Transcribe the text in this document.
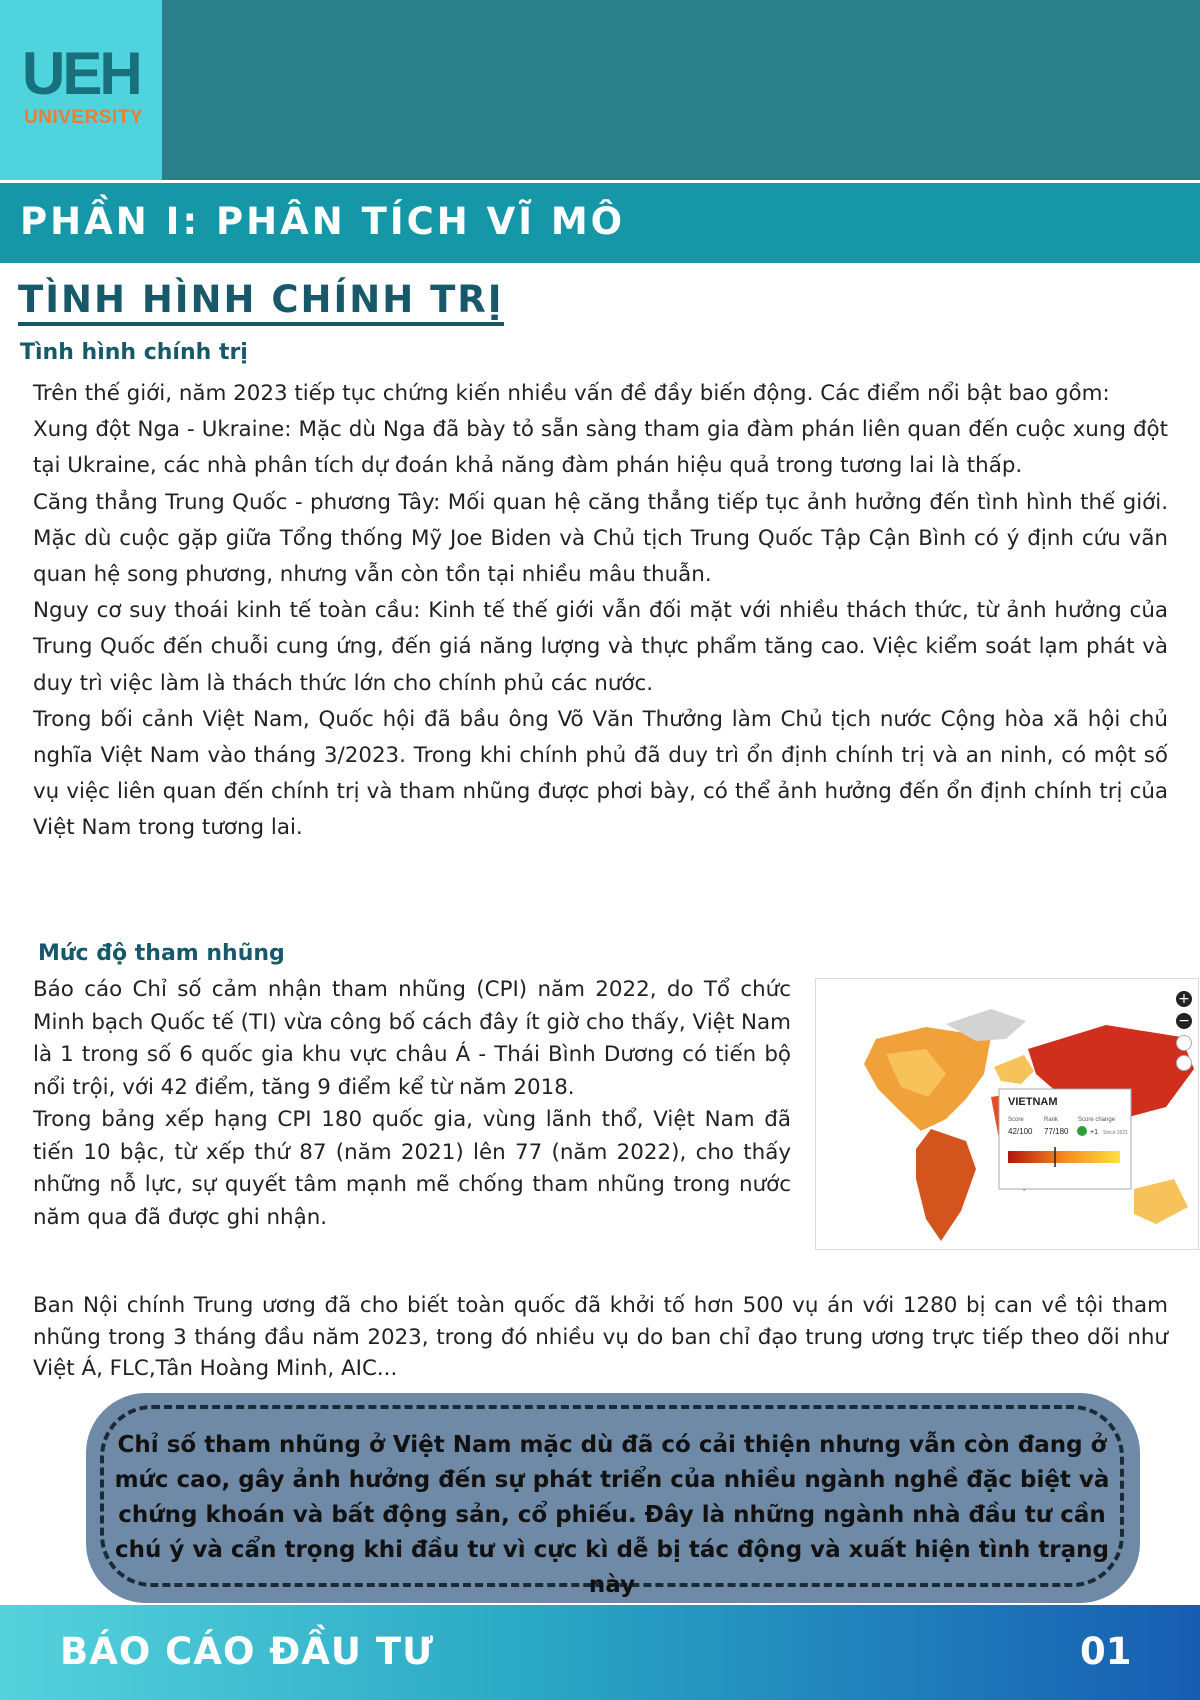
UEH
UNIVERSITY
PHẦN I: PHÂN TÍCH VĨ MÔ
TÌNH HÌNH CHÍNH TRỊ
Tình hình chính trị

Trên thế giới, năm 2023 tiếp tục chứng kiến nhiều vấn đề đầy biến động. Các điểm nổi bật bao gồm:

Xung đột Nga - Ukraine: Mặc dù Nga đã bày tỏ sẵn sàng tham gia đàm phán liên quan đến cuộc xung đột tại Ukraine, các nhà phân tích dự đoán khả năng đàm phán hiệu quả trong tương lai là thấp.

Căng thẳng Trung Quốc - phương Tây: Mối quan hệ căng thẳng tiếp tục ảnh hưởng đến tình hình thế giới. Mặc dù cuộc gặp giữa Tổng thống Mỹ Joe Biden và Chủ tịch Trung Quốc Tập Cận Bình có ý định cứu vãn quan hệ song phương, nhưng vẫn còn tồn tại nhiều mâu thuẫn.

Nguy cơ suy thoái kinh tế toàn cầu: Kinh tế thế giới vẫn đối mặt với nhiều thách thức, từ ảnh hưởng của Trung Quốc đến chuỗi cung ứng, đến giá năng lượng và thực phẩm tăng cao. Việc kiểm soát lạm phát và duy trì việc làm là thách thức lớn cho chính phủ các nước.

Trong bối cảnh Việt Nam, Quốc hội đã bầu ông Võ Văn Thưởng làm Chủ tịch nước Cộng hòa xã hội chủ nghĩa Việt Nam vào tháng 3/2023. Trong khi chính phủ đã duy trì ổn định chính trị và an ninh, có một số vụ việc liên quan đến chính trị và tham nhũng được phơi bày, có thể ảnh hưởng đến ổn định chính trị của Việt Nam trong tương lai.

Mức độ tham nhũng

Báo cáo Chỉ số cảm nhận tham nhũng (CPI) năm 2022, do Tổ chức Minh bạch Quốc tế (TI) vừa công bố cách đây ít giờ cho thấy, Việt Nam là 1 trong số 6 quốc gia khu vực châu Á - Thái Bình Dương có tiến bộ nổi trội, với 42 điểm, tăng 9 điểm kể từ năm 2018.

Trong bảng xếp hạng CPI 180 quốc gia, vùng lãnh thổ, Việt Nam đã tiến 10 bậc, từ xếp thứ 87 (năm 2021) lên 77 (năm 2022), cho thấy những nỗ lực, sự quyết tâm mạnh mẽ chống tham nhũng trong nước năm qua đã được ghi nhận.

VIETNAM
Score	Rank	Score change
42/100 77/180	+1 Since 2021
+
−
Ban Nội chính Trung ương đã cho biết toàn quốc đã khởi tố hơn 500 vụ án với 1280 bị can về tội tham nhũng trong 3 tháng đầu năm 2023, trong đó nhiều vụ do ban chỉ đạo trung ương trực tiếp theo dõi như Việt Á, FLC,Tân Hoàng Minh, AIC...
Chỉ số tham nhũng ở Việt Nam mặc dù đã có cải thiện nhưng vẫn còn đang ở mức cao, gây ảnh hưởng đến sự phát triển của nhiều ngành nghề đặc biệt và chứng khoán và bất động sản, cổ phiếu. Đây là những ngành nhà đầu tư cần chú ý và cẩn trọng khi đầu tư vì cực kì dễ bị tác động và xuất hiện tình trạng này
BÁO CÁO ĐẦU TƯ	01
